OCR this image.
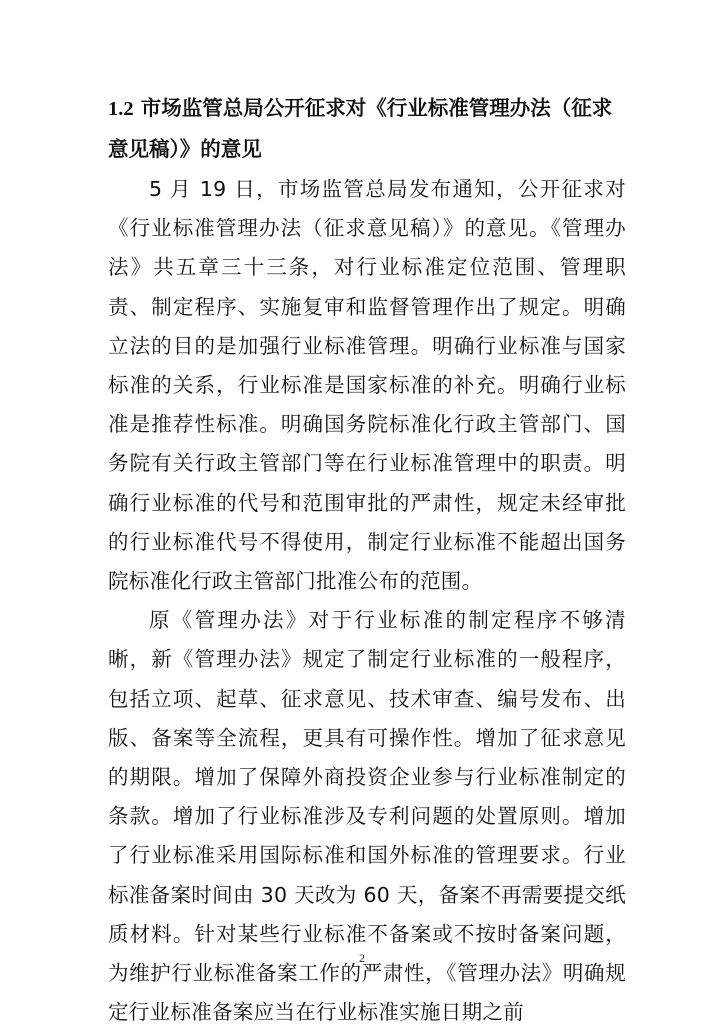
1.2 市场监管总局公开征求对《行业标准管理办法（征求意见稿）》的意见

5 月 19 日，市场监管总局发布通知，公开征求对《行业标准管理办法（征求意见稿）》的意见。《管理办法》共五章三十三条，对行业标准定位范围、管理职责、制定程序、实施复审和监督管理作出了规定。明确立法的目的是加强行业标准管理。明确行业标准与国家标准的关系，行业标准是国家标准的补充。明确行业标准是推荐性标准。明确国务院标准化行政主管部门、国务院有关行政主管部门等在行业标准管理中的职责。明确行业标准的代号和范围审批的严肃性，规定未经审批的行业标准代号不得使用，制定行业标准不能超出国务院标准化行政主管部门批准公布的范围。

原《管理办法》对于行业标准的制定程序不够清晰，新《管理办法》规定了制定行业标准的一般程序，包括立项、起草、征求意见、技术审查、编号发布、出版、备案等全流程，更具有可操作性。增加了征求意见的期限。增加了保障外商投资企业参与行业标准制定的条款。增加了行业标准涉及专利问题的处置原则。增加了行业标准采用国际标准和国外标准的管理要求。行业标准备案时间由 30 天改为 60 天，备案不再需要提交纸质材料。针对某些行业标准不备案或不按时备案问题，为维护行业标准备案工作的严肃性，《管理办法》明确规定行业标准备案应当在行业标准实施日期之前

2
